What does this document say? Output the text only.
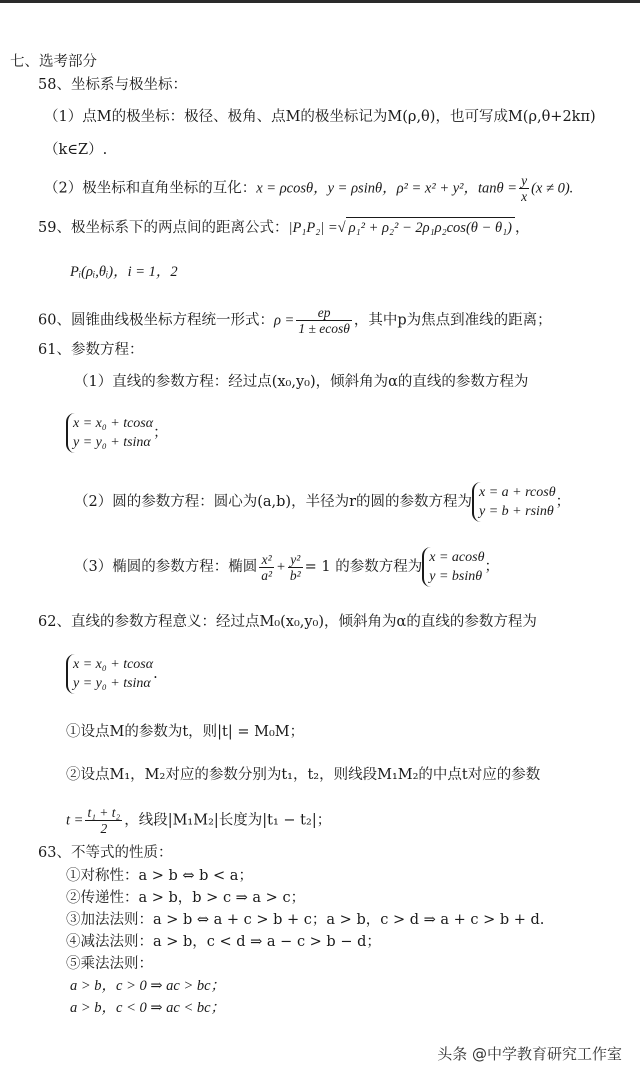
七、选考部分
58、坐标系与极坐标：
（1）点M的极坐标：极径、极角、点M的极坐标记为M(ρ,θ)，也可写成M(ρ,θ+2kπ)
（k∈Z）.
（2）极坐标和直角坐标的互化：x = ρcosθ，y = ρsinθ，ρ² = x² + y²，$\tan\theta = \frac{y}{x} (x \ne 0)$.
59、极坐标系下的两点间的距离公式：|P₁P₂| =√ ρ₁² + ρ₂² − 2ρ₁ρ₂cos(θ − θ₁) ，
Pᵢ(ρᵢ,θᵢ)，i = 1，2
60、圆锥曲线极坐标方程统一形式：$\rho = \frac{ep}{1 \pm ecos\theta}$ ，其中p为焦点到准线的距离；
61、参数方程：
（1）直线的参数方程：经过点(x₀,y₀)，倾斜角为α的直线的参数方程为
x = x₀ + tcosα
y = y₀ + tsinα
；
（2）圆的参数方程：圆心为(a,b)，半径为r的圆的参数方程为
x = a + rcosθ
y = b + rsinθ
；
（3）椭圆的参数方程：椭圆 $\frac{\text{x²}}{\text{a²}} + \frac{\text{y²}}{\text{b²}} = 1$ 的参数方程为
x = acosθ
y = bsinθ
；
62、直线的参数方程意义：经过点M₀(x₀,y₀)，倾斜角为α的直线的参数方程为
x = x₀ + tcosα
y = y₀ + tsinα
.
①设点M的参数为t，则|t| = M₀M；
②设点M₁，M₂对应的参数分别为t₁，t₂，则线段M₁M₂的中点t对应的参数
$t = \frac{\text{t₁ + t₂}}{2}$ ，线段|M₁M₂|长度为|t₁ − t₂|；
63、不等式的性质：
①对称性：a > b ⇔ b < a；
②传递性：a > b，b > c ⇒ a > c；
③加法法则：a > b ⇔ a + c > b + c；a > b，c > d ⇒ a + c > b + d.
④减法法则：a > b，c < d ⇒ a − c > b − d；
⑤乘法法则：
a > b，c > 0 ⇒ ac > bc；
a > b，c < 0 ⇒ ac < bc；
头条 @中学教育研究工作室
